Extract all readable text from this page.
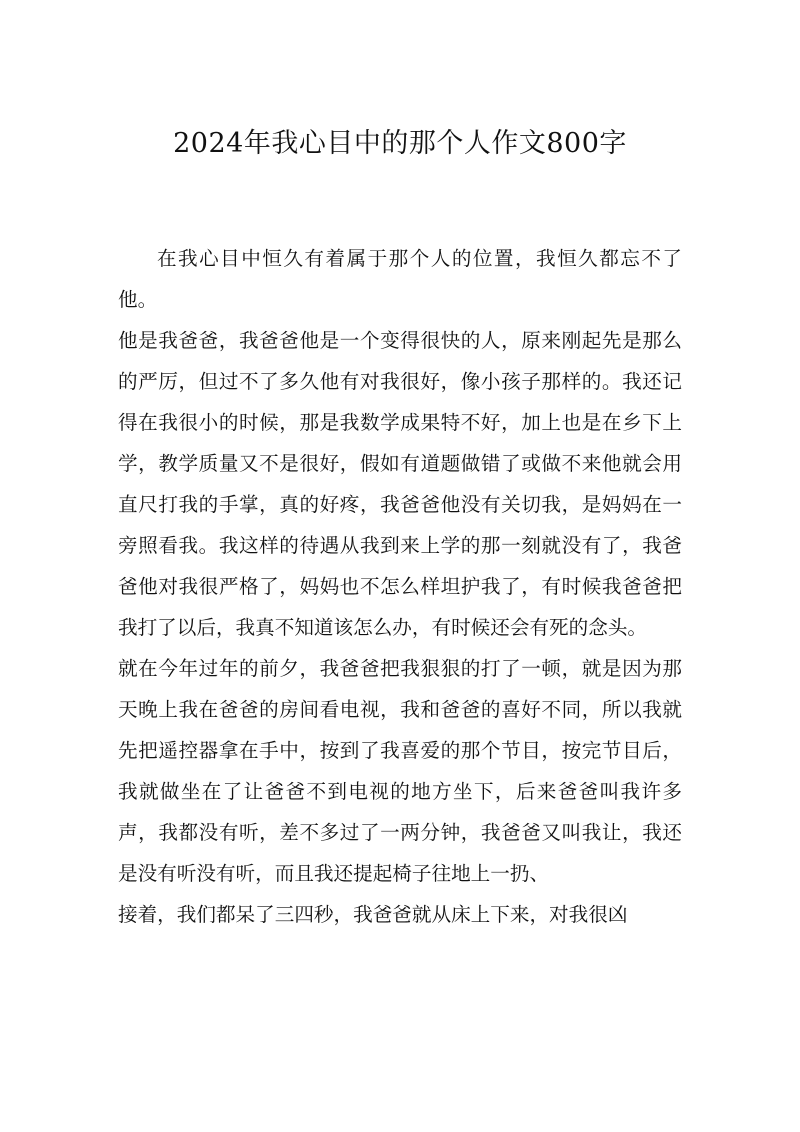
2024年我心目中的那个人作文800字

在我心目中恒久有着属于那个人的位置，我恒久都忘不了他。

他是我爸爸，我爸爸他是一个变得很快的人，原来刚起先是那么的严厉，但过不了多久他有对我很好，像小孩子那样的。我还记得在我很小的时候，那是我数学成果特不好，加上也是在乡下上学，教学质量又不是很好，假如有道题做错了或做不来他就会用直尺打我的手掌，真的好疼，我爸爸他没有关切我，是妈妈在一旁照看我。我这样的待遇从我到来上学的那一刻就没有了，我爸爸他对我很严格了，妈妈也不怎么样坦护我了，有时候我爸爸把我打了以后，我真不知道该怎么办，有时候还会有死的念头。

就在今年过年的前夕，我爸爸把我狠狠的打了一顿，就是因为那天晚上我在爸爸的房间看电视，我和爸爸的喜好不同，所以我就先把遥控器拿在手中，按到了我喜爱的那个节目，按完节目后，我就做坐在了让爸爸不到电视的地方坐下，后来爸爸叫我许多声，我都没有听，差不多过了一两分钟，我爸爸又叫我让，我还是没有听没有听，而且我还提起椅子往地上一扔、

接着，我们都呆了三四秒，我爸爸就从床上下来，对我很凶
